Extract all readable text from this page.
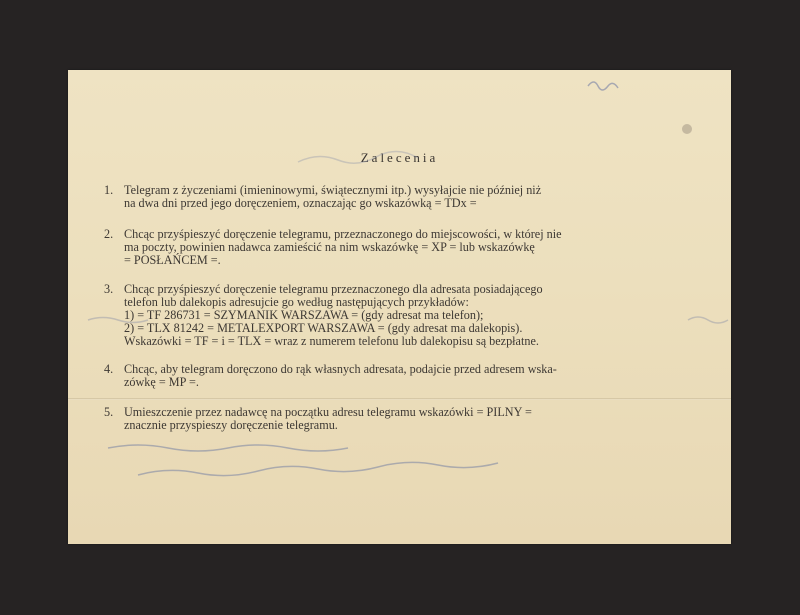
Zalecenia
1. Telegram z życzeniami (imieninowymi, świątecznymi itp.) wysyłajcie nie później niż
na dwa dni przed jego doręczeniem, oznaczając go wskazówką = TDx =
2. Chcąc przyśpieszyć doręczenie telegramu, przeznaczonego do miejscowości, w której nie
ma poczty, powinien nadawca zamieścić na nim wskazówkę = XP = lub wskazówkę
= POSŁAŃCEM =.
3. Chcąc przyśpieszyć doręczenie telegramu przeznaczonego dla adresata posiadającego
telefon lub dalekopis adresujcie go według następujących przykładów:
1) = TF 286731 = SZYMANIK WARSZAWA = (gdy adresat ma telefon);
2) = TLX 81242 = METALEXPORT WARSZAWA = (gdy adresat ma dalekopis).
Wskazówki = TF = i = TLX = wraz z numerem telefonu lub dalekopisu są bezpłatne.
4. Chcąc, aby telegram doręczono do rąk własnych adresata, podajcie przed adresem wska-
zówkę = MP =.
5. Umieszczenie przez nadawcę na początku adresu telegramu wskazówki = PILNY =
znacznie przyspieszy doręczenie telegramu.
